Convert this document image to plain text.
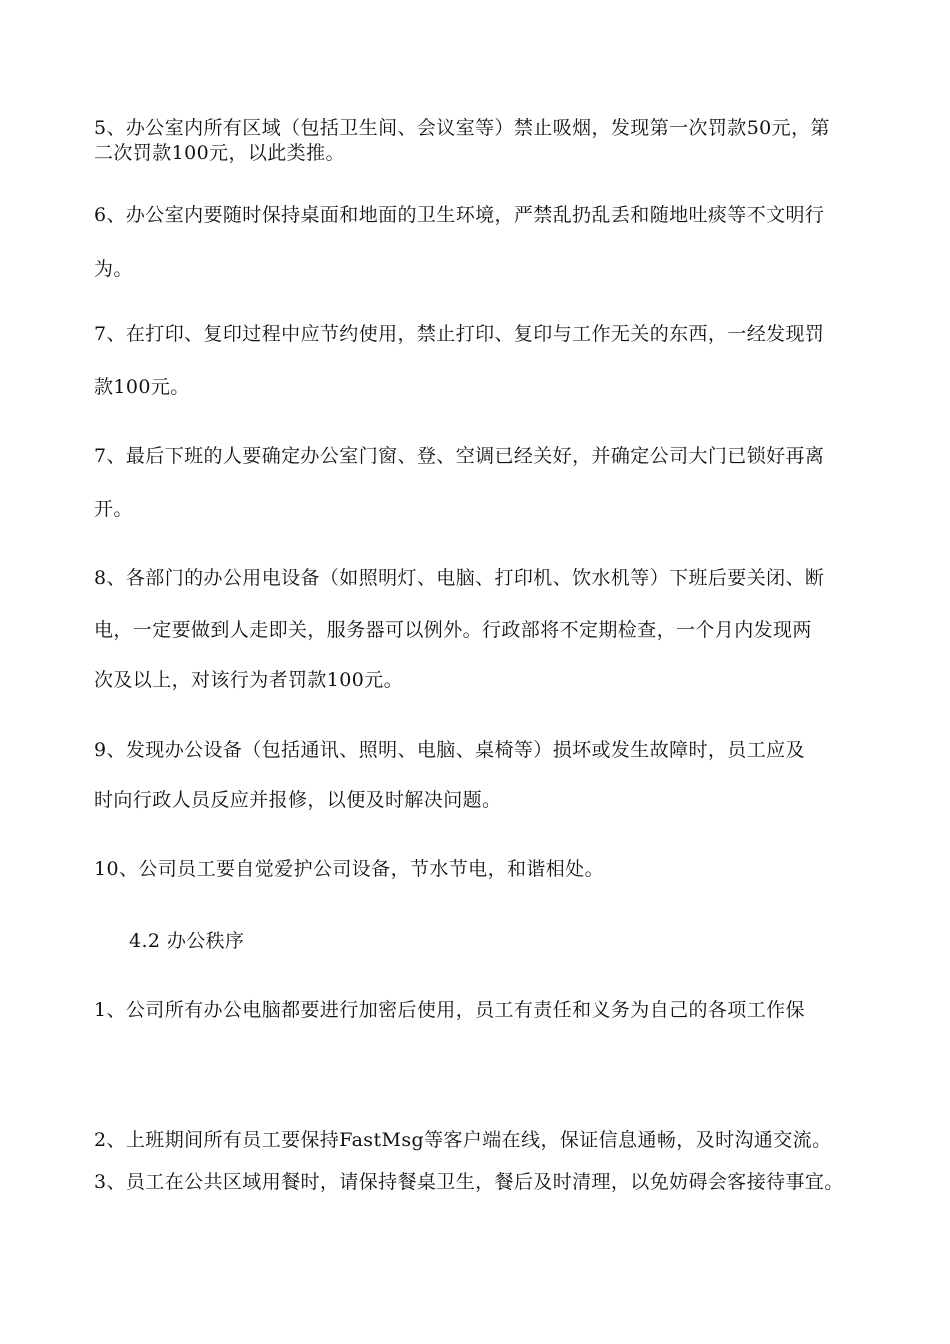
5、办公室内所有区域（包括卫生间、会议室等）禁止吸烟，发现第一次罚款50元，第
二次罚款100元，以此类推。
6、办公室内要随时保持桌面和地面的卫生环境，严禁乱扔乱丢和随地吐痰等不文明行
为。
7、在打印、复印过程中应节约使用，禁止打印、复印与工作无关的东西，一经发现罚
款100元。
7、最后下班的人要确定办公室门窗、登、空调已经关好，并确定公司大门已锁好再离
开。
8、各部门的办公用电设备（如照明灯、电脑、打印机、饮水机等）下班后要关闭、断
电，一定要做到人走即关，服务器可以例外。行政部将不定期检查，一个月内发现两
次及以上，对该行为者罚款100元。
9、发现办公设备（包括通讯、照明、电脑、桌椅等）损坏或发生故障时，员工应及
时向行政人员反应并报修，以便及时解决问题。
10、公司员工要自觉爱护公司设备，节水节电，和谐相处。
4.2 办公秩序
1、公司所有办公电脑都要进行加密后使用，员工有责任和义务为自己的各项工作保
2、上班期间所有员工要保持FastMsg等客户端在线，保证信息通畅，及时沟通交流。
3、员工在公共区域用餐时，请保持餐桌卫生，餐后及时清理，以免妨碍会客接待事宜。
